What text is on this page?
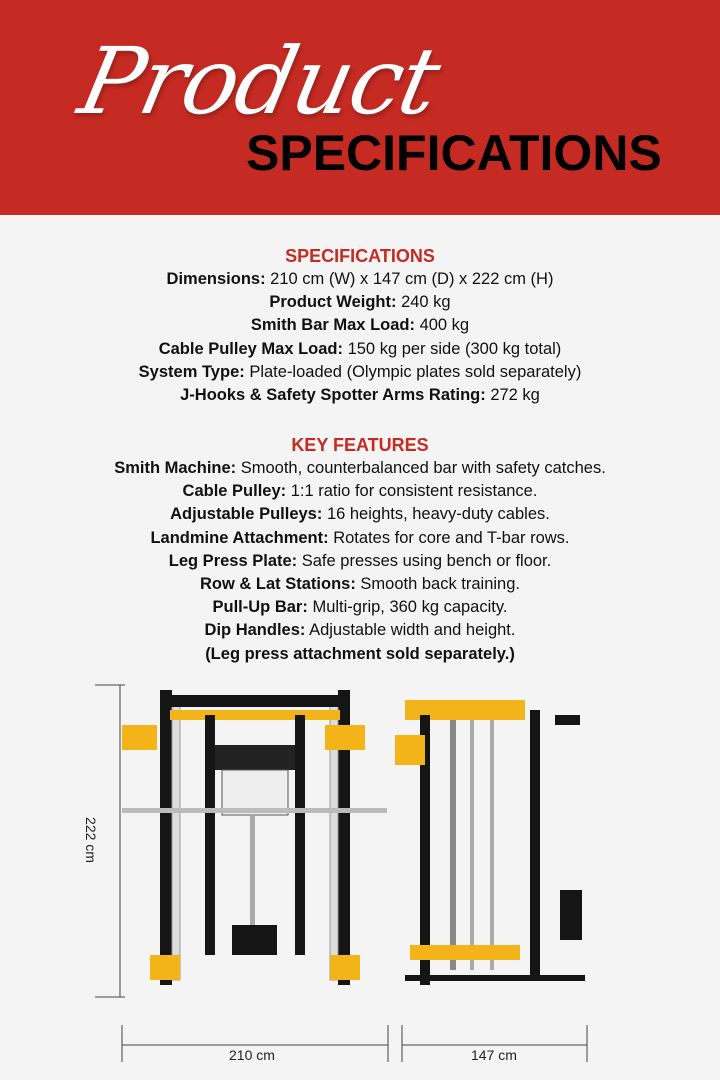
Product
SPECIFICATIONS
SPECIFICATIONS
Dimensions: 210 cm (W) x 147 cm (D) x 222 cm (H)
Product Weight: 240 kg
Smith Bar Max Load: 400 kg
Cable Pulley Max Load: 150 kg per side (300 kg total)
System Type: Plate-loaded (Olympic plates sold separately)
J-Hooks & Safety Spotter Arms Rating: 272 kg
KEY FEATURES
Smith Machine: Smooth, counterbalanced bar with safety catches.
Cable Pulley: 1:1 ratio for consistent resistance.
Adjustable Pulleys: 16 heights, heavy-duty cables.
Landmine Attachment: Rotates for core and T-bar rows.
Leg Press Plate: Safe presses using bench or floor.
Row & Lat Stations: Smooth back training.
Pull-Up Bar: Multi-grip, 360 kg capacity.
Dip Handles: Adjustable width and height.
(Leg press attachment sold separately.)
222 cm
210 cm	147 cm
